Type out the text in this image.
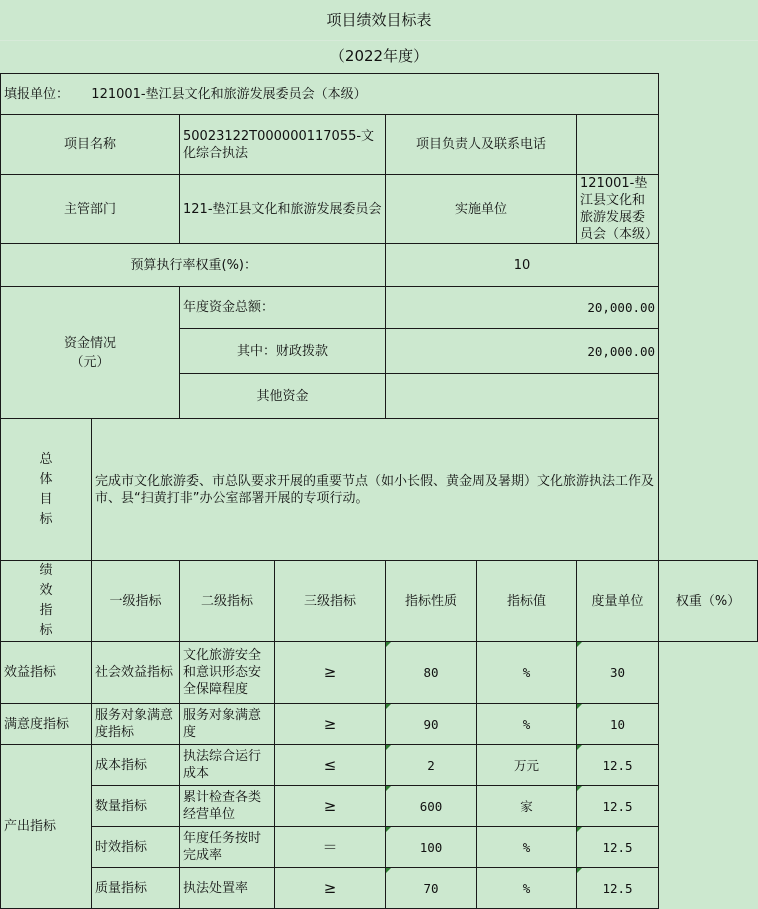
项目绩效目标表
（2022年度）
填报单位： 121001-垫江县文化和旅游发展委员会（本级）							
项目名称		50023122T000000117055-文化综合执法		项目负责人及联系电话			
主管部门		121-垫江县文化和旅游发展委员会		实施单位		121001-垫江县文化和旅游发展委员会（本级）	
预算执行率权重(%)：				10			
资金情况（元）		年度资金总额：		20,000.00			
		其中：财政拨款		20,000.00			
		其他资金					
总体目标	完成市文化旅游委、市总队要求开展的重要节点（如小长假、黄金周及暑期）文化旅游执法工作及市、县“扫黄打非”办公室部署开展的专项行动。						
绩效指标	一级指标	二级指标	三级指标	指标性质	指标值	度量单位	权重（%）
效益指标	社会效益指标	文化旅游安全和意识形态安全保障程度	≥	80	%	30	
满意度指标	服务对象满意度指标	服务对象满意度	≥	90	%	10	
产出指标	成本指标	执法综合运行成本	≤	2	万元	12.5	
	数量指标	累计检查各类经营单位	≥	600	家	12.5	
	时效指标	年度任务按时完成率	＝	100	%	12.5	
	质量指标	执法处置率	≥	70	%	12.5	
